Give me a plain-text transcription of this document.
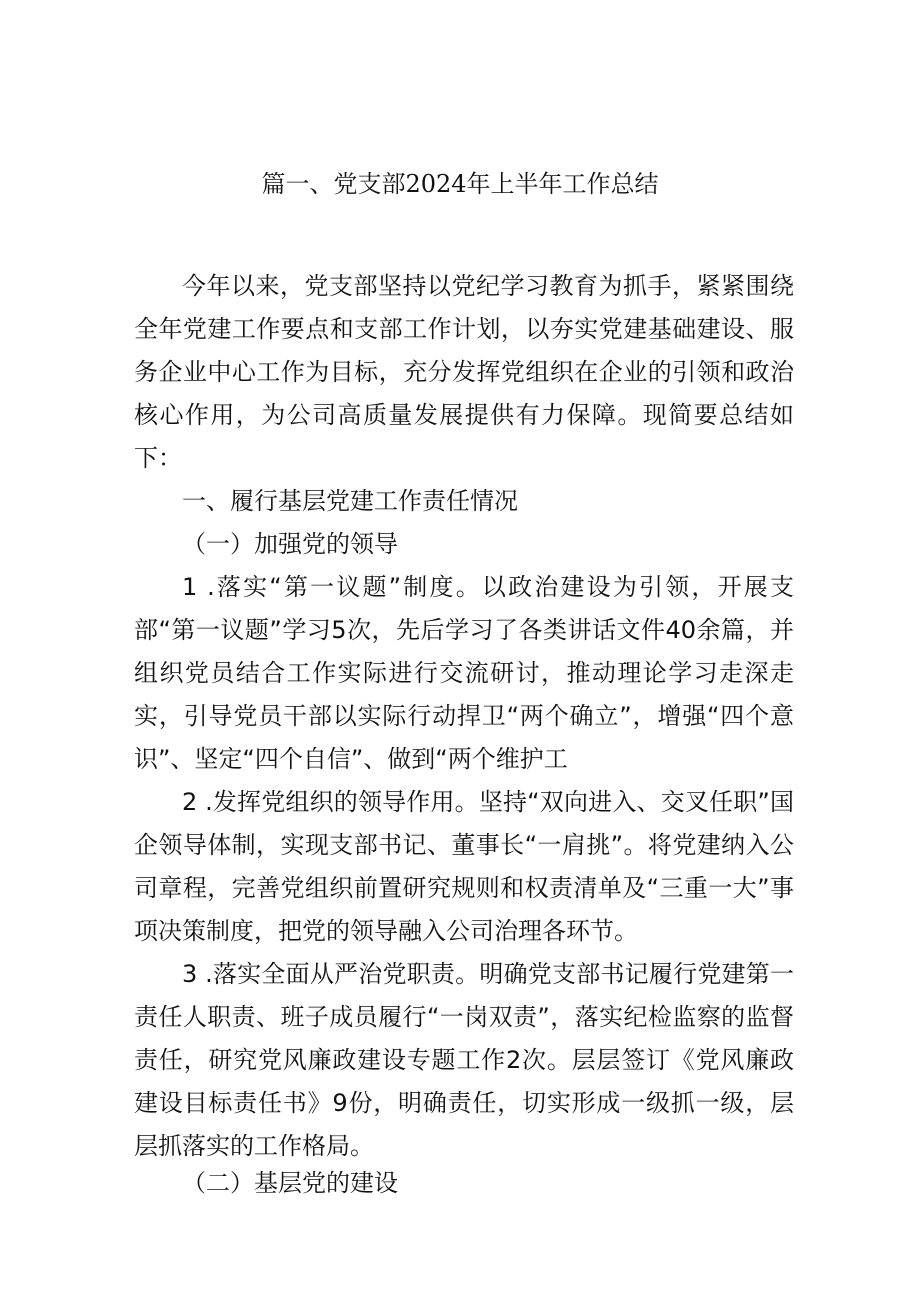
篇一、党支部2024年上半年工作总结

今年以来，党支部坚持以党纪学习教育为抓手，紧紧围绕全年党建工作要点和支部工作计划，以夯实党建基础建设、服务企业中心工作为目标，充分发挥党组织在企业的引领和政治核心作用，为公司高质量发展提供有力保障。现简要总结如下：

一、履行基层党建工作责任情况

（一）加强党的领导

1 .落实“第一议题”制度。以政治建设为引领，开展支部“第一议题”学习5次，先后学习了各类讲话文件40余篇，并组织党员结合工作实际进行交流研讨，推动理论学习走深走实，引导党员干部以实际行动捍卫“两个确立”，增强“四个意识”、坚定“四个自信”、做到“两个维护工

2 .发挥党组织的领导作用。坚持“双向进入、交叉任职”国企领导体制，实现支部书记、董事长“一肩挑”。将党建纳入公司章程，完善党组织前置研究规则和权责清单及“三重一大”事项决策制度，把党的领导融入公司治理各环节。

3 .落实全面从严治党职责。明确党支部书记履行党建第一责任人职责、班子成员履行“一岗双责”，落实纪检监察的监督责任，研究党风廉政建设专题工作2次。层层签订《党风廉政建设目标责任书》9份，明确责任，切实形成一级抓一级，层层抓落实的工作格局。

（二）基层党的建设
